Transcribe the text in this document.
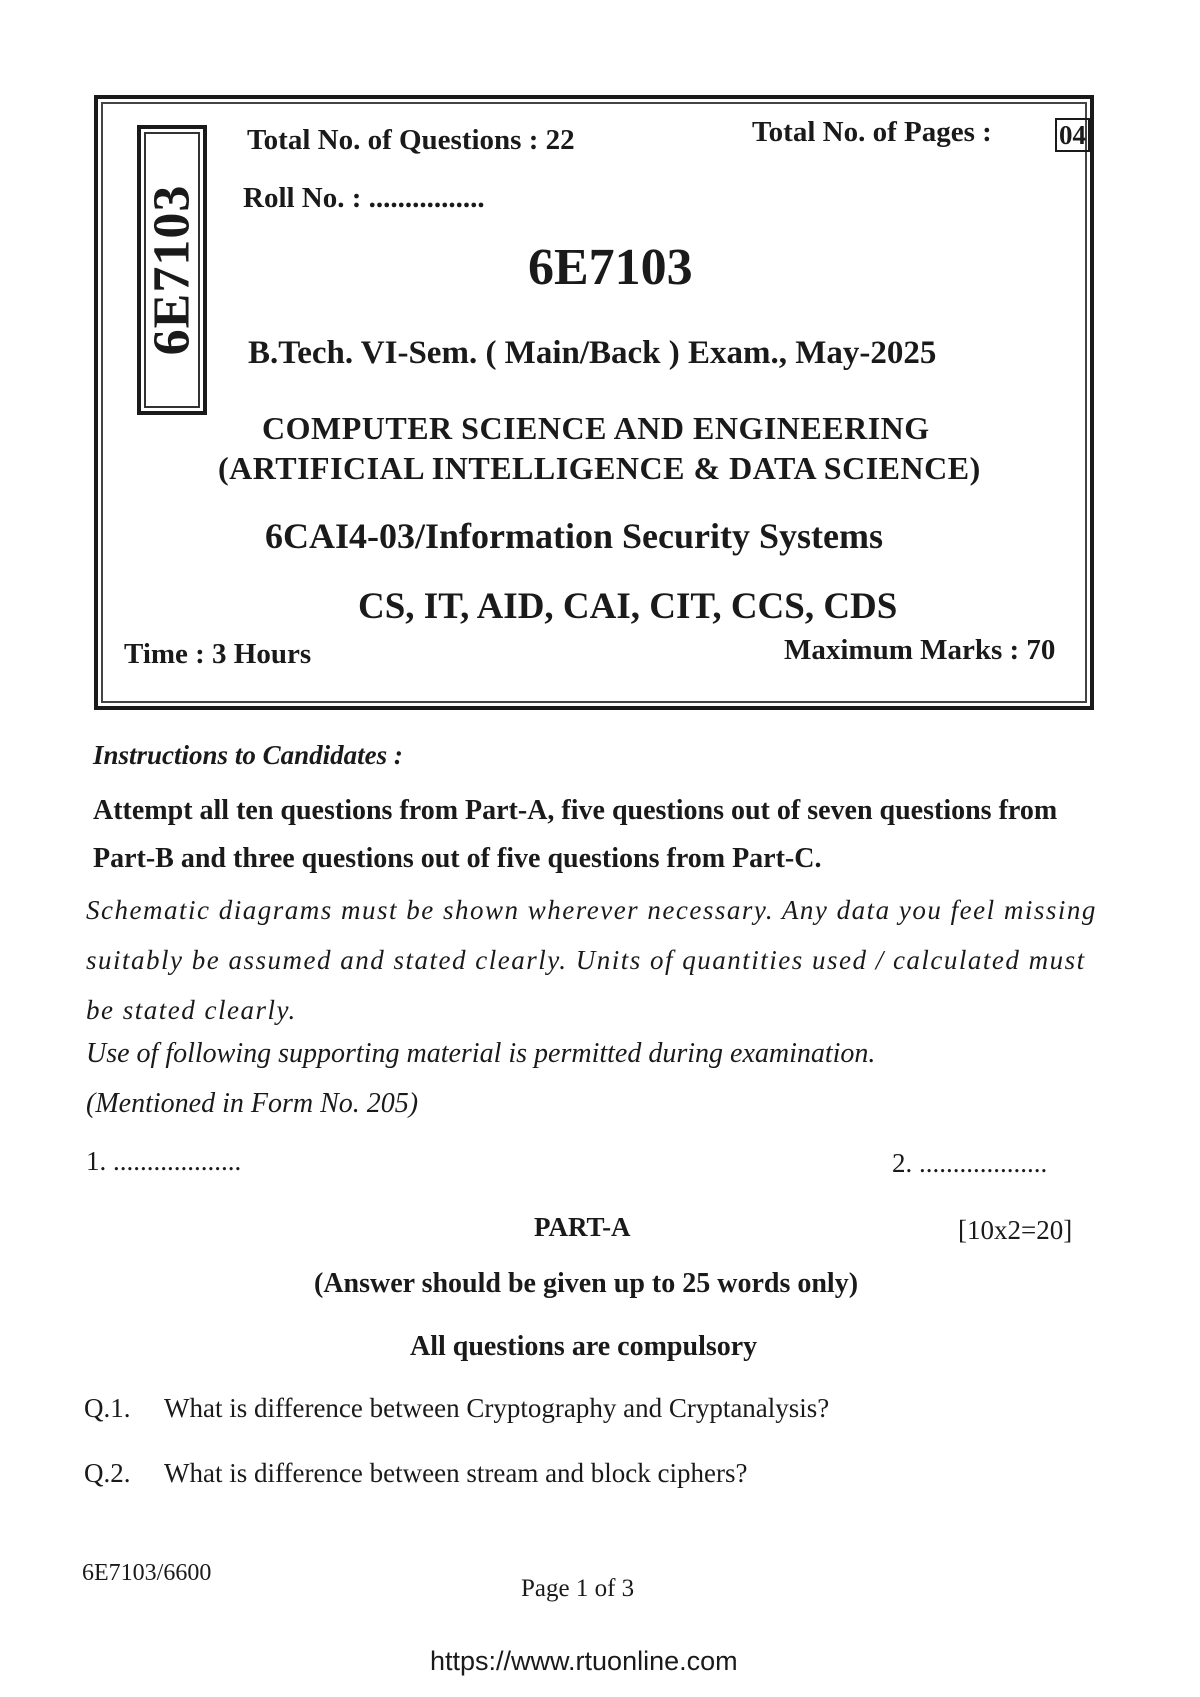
6E7103
Total No. of Questions : 22	Total No. of Pages : 04
Roll No. : ................
6E7103
B.Tech. VI-Sem. ( Main/Back ) Exam., May-2025
COMPUTER SCIENCE AND ENGINEERING
(ARTIFICIAL INTELLIGENCE & DATA SCIENCE)
6CAI4-03/Information Security Systems
CS, IT, AID, CAI, CIT, CCS, CDS
Time : 3 Hours	Maximum Marks : 70
Instructions to Candidates :
Attempt all ten questions from Part-A, five questions out of seven questions from Part-B and three questions out of five questions from Part-C.
Schematic diagrams must be shown wherever necessary. Any data you feel missing suitably be assumed and stated clearly. Units of quantities used / calculated must be stated clearly.
Use of following supporting material is permitted during examination.
(Mentioned in Form No. 205)
1. ...................	2. ...................
PART-A	[10x2=20]
(Answer should be given up to 25 words only)
All questions are compulsory
Q.1. What is difference between Cryptography and Cryptanalysis?
Q.2. What is difference between stream and block ciphers?
6E7103/6600
Page 1 of 3
https://www.rtuonline.com
